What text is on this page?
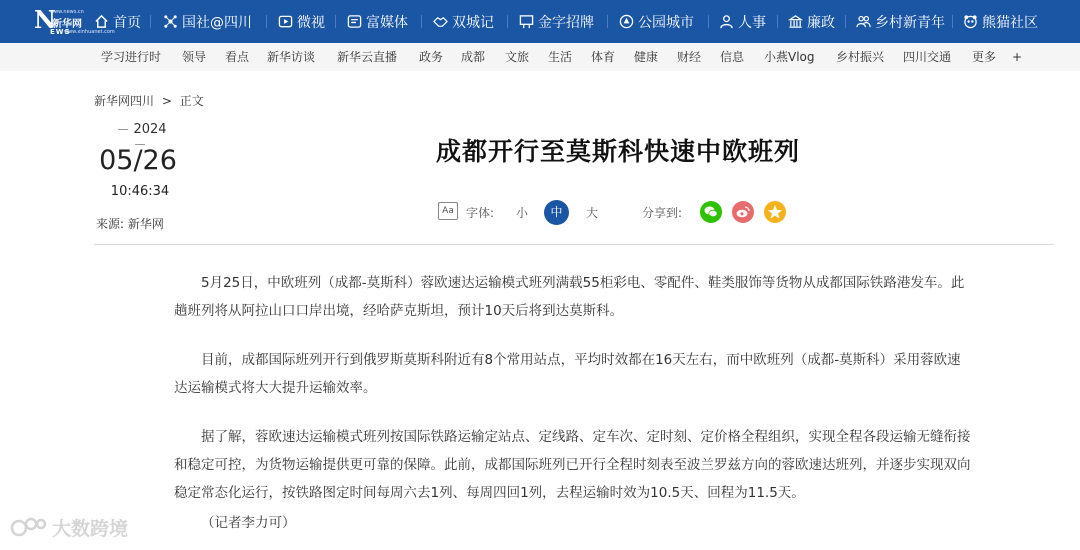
N
www.news.cn
新华网
EWS
www.xinhuanet.com
首页	国社@四川	微视	富媒体	双城记	金字招牌	公园城市	人事	廉政	乡村新青年	熊猫社区
学习进行时 领导 看点 新华访谈 新华云直播 政务 成都 文旅 生活 体育 健康 财经 信息 小燕Vlog 乡村振兴 四川交通 更多 +
新华网四川 > 正文
2024
05/26
10:46:34
来源: 新华网
成都开行至莫斯科快速中欧班列
Aa	字体: 小	中	大	分享到:

5月25日，中欧班列（成都-莫斯科）蓉欧速达运输模式班列满载55柜彩电、零配件、鞋类服饰等货物从成都国际铁路港发车。此趟班列将从阿拉山口口岸出境，经哈萨克斯坦，预计10天后将到达莫斯科。

目前，成都国际班列开行到俄罗斯莫斯科附近有8个常用站点，平均时效都在16天左右，而中欧班列（成都-莫斯科）采用蓉欧速达运输模式将大大提升运输效率。

据了解，蓉欧速达运输模式班列按国际铁路运输定站点、定线路、定车次、定时刻、定价格全程组织，实现全程各段运输无缝衔接和稳定可控，为货物运输提供更可靠的保障。此前，成都国际班列已开行全程时刻表至波兰罗兹方向的蓉欧速达班列，并逐步实现双向稳定常态化运行，按铁路图定时间每周六去1列、每周四回1列，去程运输时效为10.5天、回程为11.5天。

（记者李力可）

大数跨境
